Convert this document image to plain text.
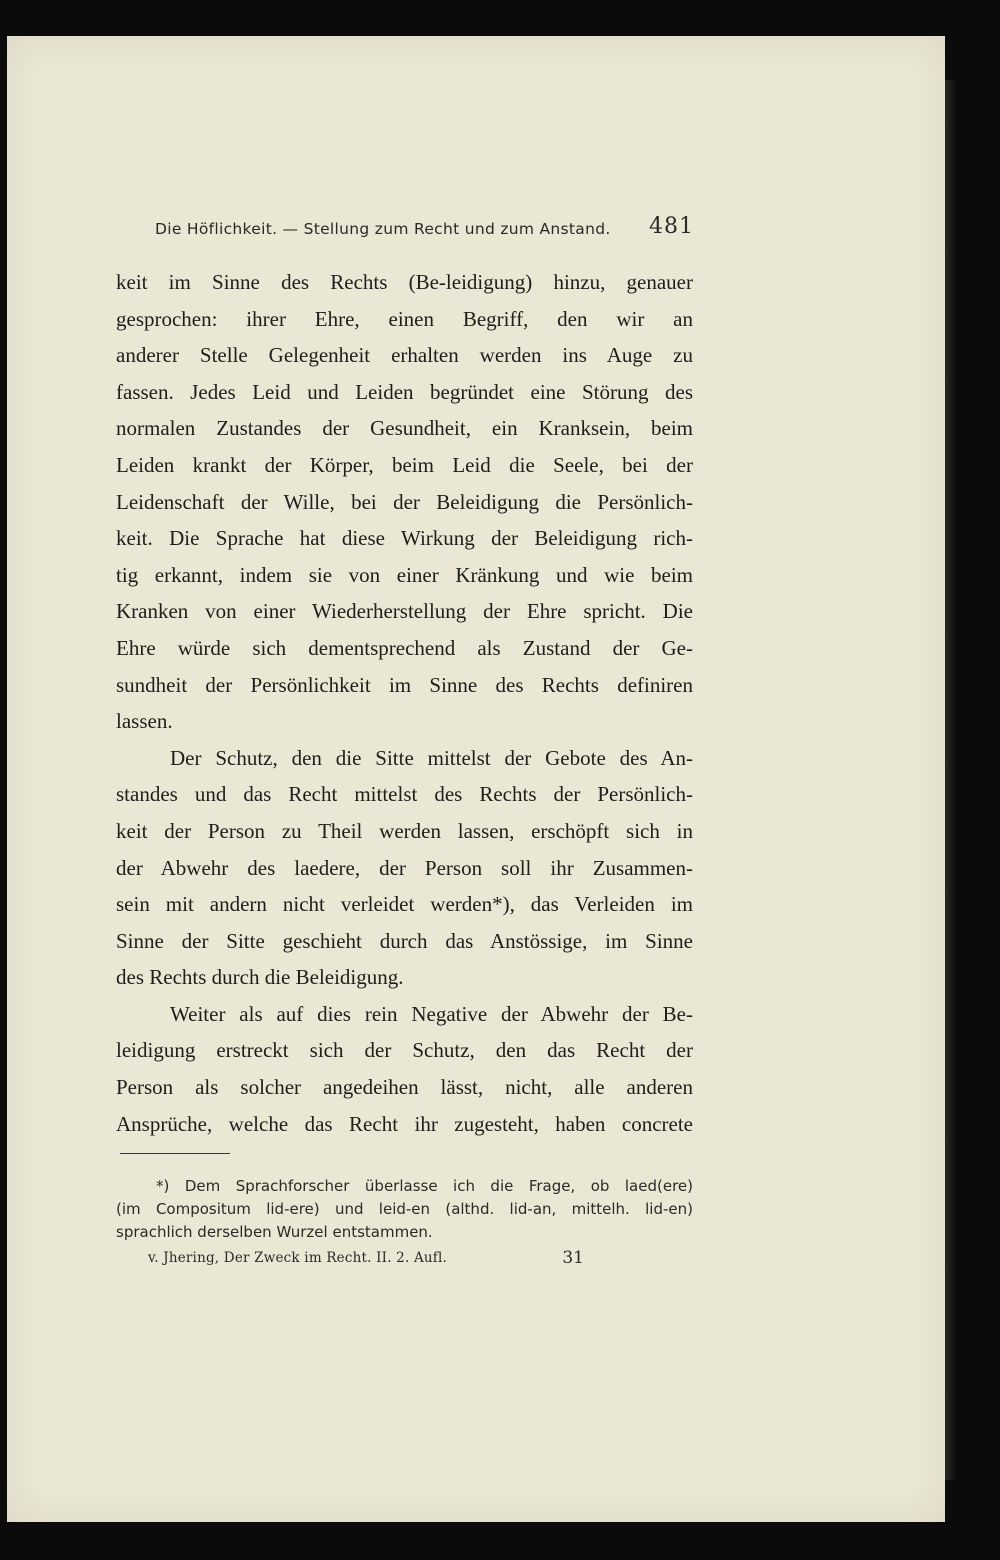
Die Höflichkeit. — Stellung zum Recht und zum Anstand. 481
keit im Sinne des Rechts (Be-leidigung) hinzu, genauer
gesprochen: ihrer Ehre, einen Begriff, den wir an
anderer Stelle Gelegenheit erhalten werden ins Auge zu
fassen. Jedes Leid und Leiden begründet eine Störung des
normalen Zustandes der Gesundheit, ein Kranksein, beim
Leiden krankt der Körper, beim Leid die Seele, bei der
Leidenschaft der Wille, bei der Beleidigung die Persönlich-
keit. Die Sprache hat diese Wirkung der Beleidigung rich-
tig erkannt, indem sie von einer Kränkung und wie beim
Kranken von einer Wiederherstellung der Ehre spricht. Die
Ehre würde sich dementsprechend als Zustand der Ge-
sundheit der Persönlichkeit im Sinne des Rechts definiren
lassen.
Der Schutz, den die Sitte mittelst der Gebote des An-
standes und das Recht mittelst des Rechts der Persönlich-
keit der Person zu Theil werden lassen, erschöpft sich in
der Abwehr des laedere, der Person soll ihr Zusammen-
sein mit andern nicht verleidet werden*), das Verleiden im
Sinne der Sitte geschieht durch das Anstössige, im Sinne
des Rechts durch die Beleidigung.
Weiter als auf dies rein Negative der Abwehr der Be-
leidigung erstreckt sich der Schutz, den das Recht der
Person als solcher angedeihen lässt, nicht, alle anderen
Ansprüche, welche das Recht ihr zugesteht, haben concrete
*) Dem Sprachforscher überlasse ich die Frage, ob laed(ere)
(im Compositum lid-ere) und leid-en (althd. lid-an, mittelh. lid-en)
sprachlich derselben Wurzel entstammen.
v. Jhering, Der Zweck im Recht. II. 2. Aufl.	31
